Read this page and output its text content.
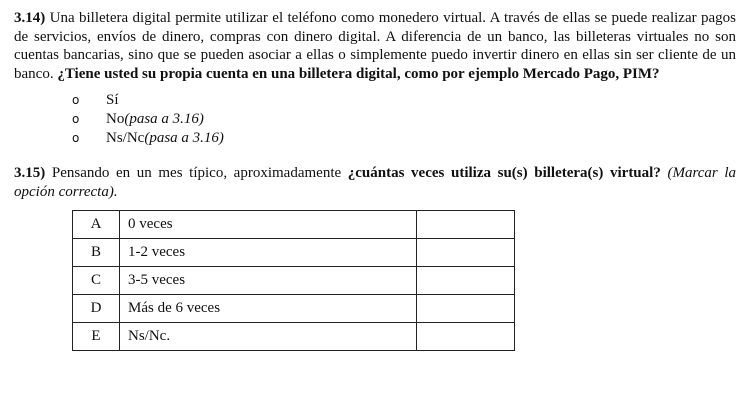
3.14) Una billetera digital permite utilizar el teléfono como monedero virtual. A través de ellas se puede realizar pagos de servicios, envíos de dinero, compras con dinero digital. A diferencia de un banco, las billeteras virtuales no son cuentas bancarias, sino que se pueden asociar a ellas o simplemente puedo invertir dinero en ellas sin ser cliente de un banco. ¿Tiene usted su propia cuenta en una billetera digital, como por ejemplo Mercado Pago, PIM?

o	Sí
o	No (pasa a 3.16)
o	Ns/Nc (pasa a 3.16)

3.15) Pensando en un mes típico, aproximadamente ¿cuántas veces utiliza su(s) billetera(s) virtual? (Marcar la opción correcta).

A	0 veces	
B	1-2 veces	
C	3-5 veces	
D	Más de 6 veces	
E	Ns/Nc.	
